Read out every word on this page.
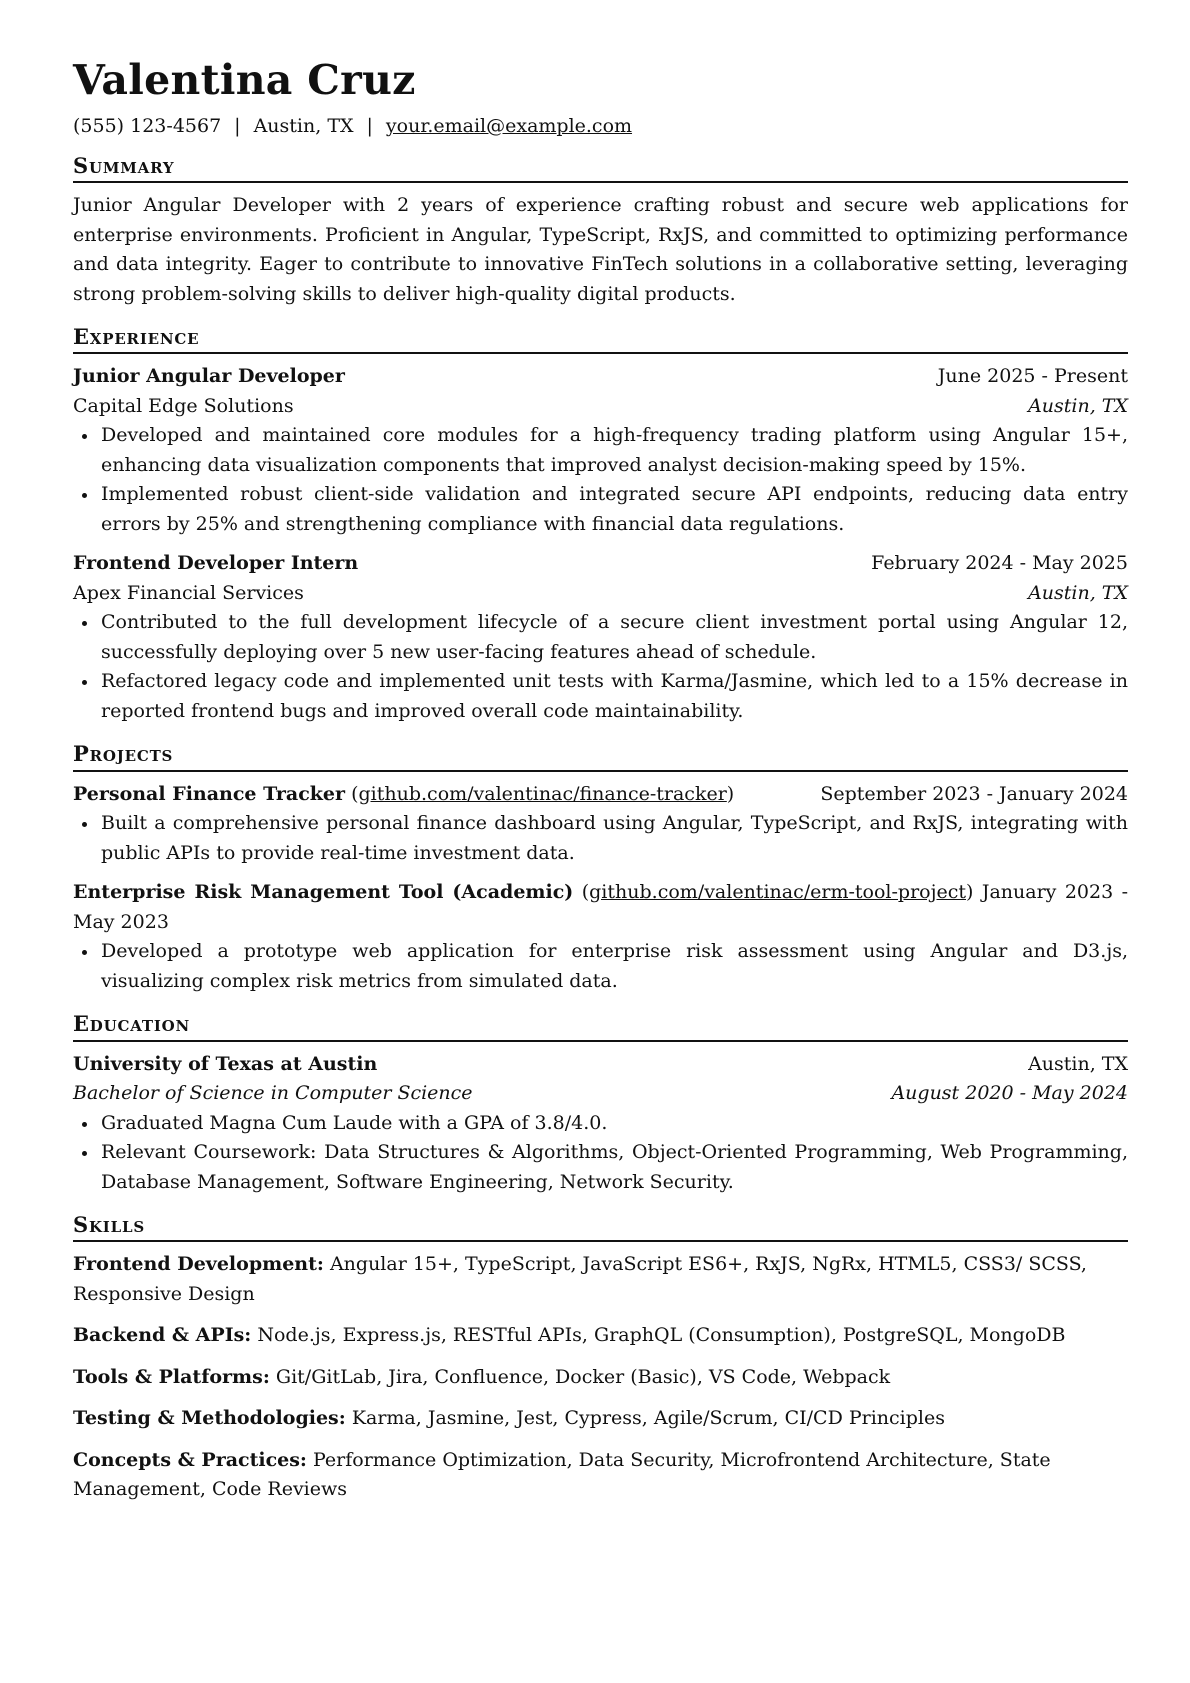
Valentina Cruz
(555) 123-4567 | Austin, TX | your.email@example.com
Summary
Junior Angular Developer with 2 years of experience crafting robust and secure web applications for enterprise environments. Proficient in Angular, TypeScript, RxJS, and committed to optimizing performance and data integrity. Eager to contribute to innovative FinTech solutions in a collaborative setting, leveraging strong problem-solving skills to deliver high-quality digital products.
Experience
Junior Angular Developer	June 2025 - Present
Capital Edge Solutions	Austin, TX
Developed and maintained core modules for a high-frequency trading platform using Angular 15+, enhancing data visualization components that improved analyst decision-making speed by 15%.
Implemented robust client-side validation and integrated secure API endpoints, reducing data entry errors by 25% and strengthening compliance with financial data regulations.
Frontend Developer Intern	February 2024 - May 2025
Apex Financial Services	Austin, TX
Contributed to the full development lifecycle of a secure client investment portal using Angular 12, successfully deploying over 5 new user-facing features ahead of schedule.
Refactored legacy code and implemented unit tests with Karma/Jasmine, which led to a 15% decrease in reported frontend bugs and improved overall code maintainability.
Projects
Personal Finance Tracker (github.com/valentinac/finance-tracker)	September 2023 - January 2024
Built a comprehensive personal finance dashboard using Angular, TypeScript, and RxJS, integrating with public APIs to provide real-time investment data.
Enterprise Risk Management Tool (Academic) (github.com/valentinac/erm-tool-project) January 2023 - May 2023
Developed a prototype web application for enterprise risk assessment using Angular and D3.js, visualizing complex risk metrics from simulated data.
Education
University of Texas at Austin	Austin, TX
Bachelor of Science in Computer Science	August 2020 - May 2024
Graduated Magna Cum Laude with a GPA of 3.8/4.0.
Relevant Coursework: Data Structures & Algorithms, Object-Oriented Programming, Web Programming, Database Management, Software Engineering, Network Security.
Skills
Frontend Development: Angular 15+, TypeScript, JavaScript ES6+, RxJS, NgRx, HTML5, CSS3/ SCSS, Responsive Design
Backend & APIs: Node.js, Express.js, RESTful APIs, GraphQL (Consumption), PostgreSQL, MongoDB
Tools & Platforms: Git/GitLab, Jira, Confluence, Docker (Basic), VS Code, Webpack
Testing & Methodologies: Karma, Jasmine, Jest, Cypress, Agile/Scrum, CI/CD Principles
Concepts & Practices: Performance Optimization, Data Security, Microfrontend Architecture, State Management, Code Reviews
